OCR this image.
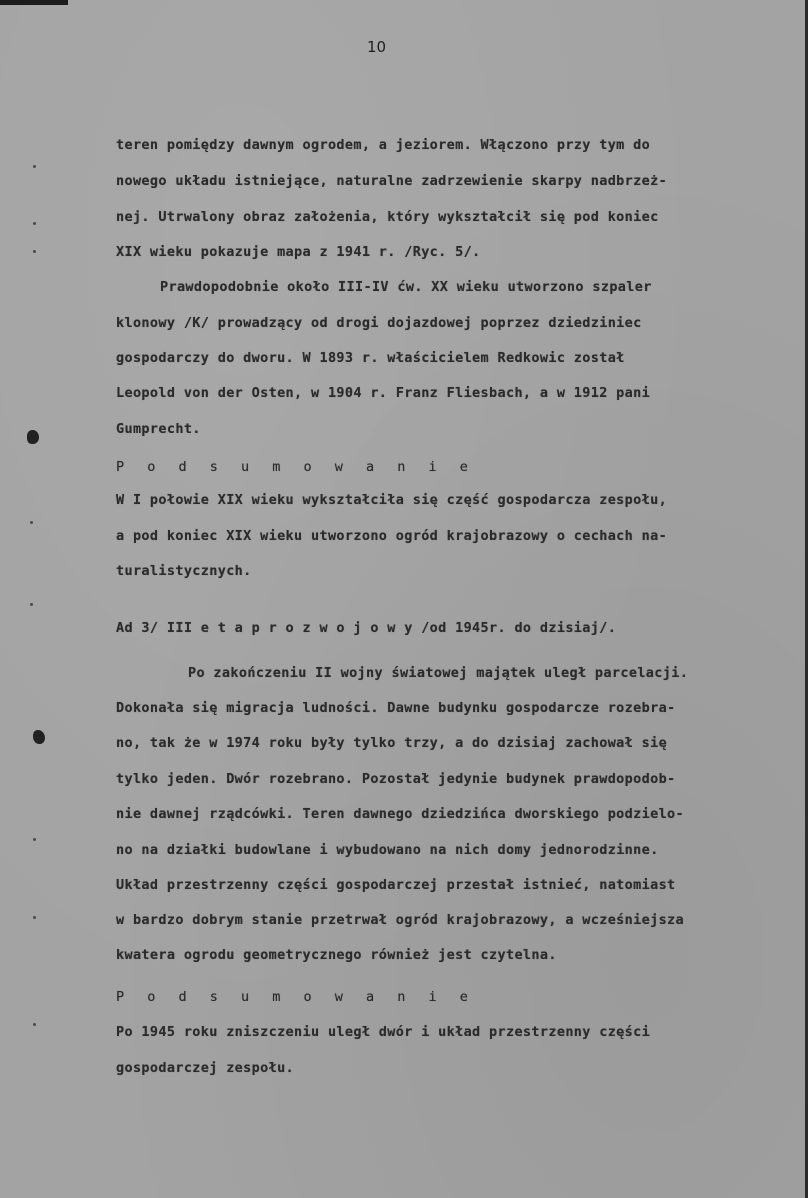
10
teren pomiędzy dawnym ogrodem, a jeziorem. Włączono przy tym do
nowego układu istniejące, naturalne zadrzewienie skarpy nadbrzeż-
nej. Utrwalony obraz założenia, który wykształcił się pod koniec
XIX wieku pokazuje mapa z 1941 r. /Ryc. 5/.
Prawdopodobnie około III-IV ćw. XX wieku utworzono szpaler
klonowy /K/ prowadzący od drogi dojazdowej poprzez dziedziniec
gospodarczy do dworu. W 1893 r. właścicielem Redkowic został
Leopold von der Osten, w 1904 r. Franz Fliesbach, a w 1912 pani
Gumprecht.
P o d s u m o w a n i e
W I połowie XIX wieku wykształciła się część gospodarcza zespołu,
a pod koniec XIX wieku utworzono ogród krajobrazowy o cechach na-
turalistycznych.
Ad 3/ III e t a p r o z w o j o w y /od 1945r. do dzisiaj/.
Po zakończeniu II wojny światowej majątek uległ parcelacji.
Dokonała się migracja ludności. Dawne budynku gospodarcze rozebra-
no, tak że w 1974 roku były tylko trzy, a do dzisiaj zachował się
tylko jeden. Dwór rozebrano. Pozostał jedynie budynek prawdopodob-
nie dawnej rządcówki. Teren dawnego dziedzińca dworskiego podzielo-
no na działki budowlane i wybudowano na nich domy jednorodzinne.
Układ przestrzenny części gospodarczej przestał istnieć, natomiast
w bardzo dobrym stanie przetrwał ogród krajobrazowy, a wcześniejsza
kwatera ogrodu geometrycznego również jest czytelna.
P o d s u m o w a n i e
Po 1945 roku zniszczeniu uległ dwór i układ przestrzenny części
gospodarczej zespołu.
